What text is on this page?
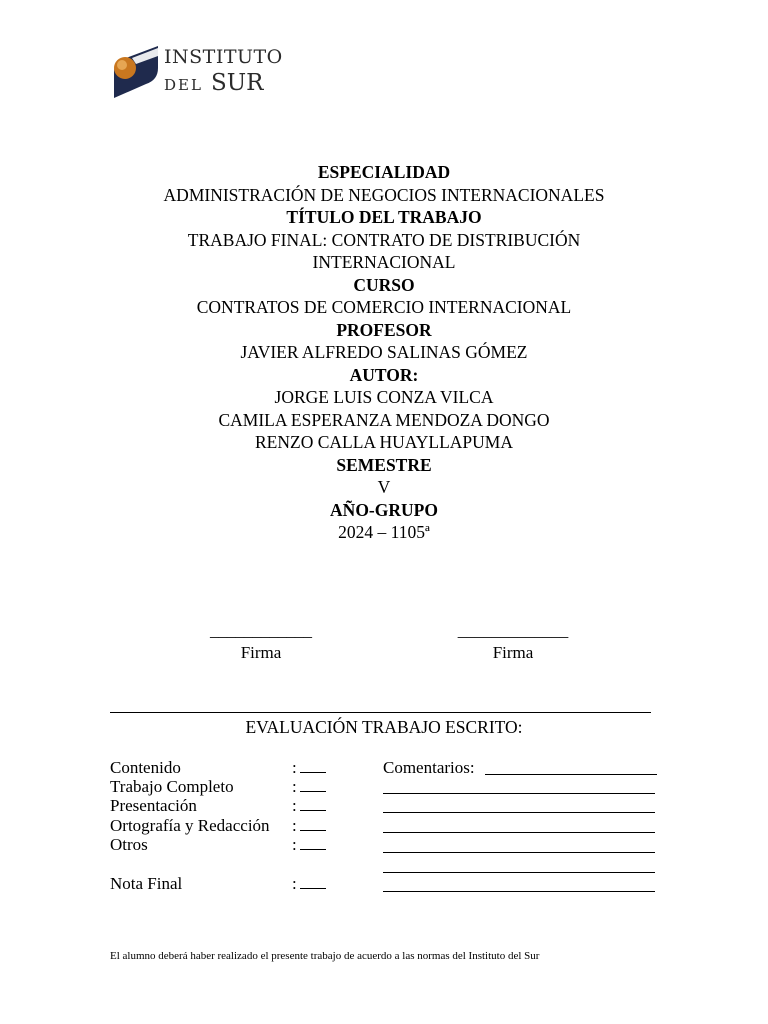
INSTITUTO
DEL SUR
ESPECIALIDAD
ADMINISTRACIÓN DE NEGOCIOS INTERNACIONALES
TÍTULO DEL TRABAJO
TRABAJO FINAL: CONTRATO DE DISTRIBUCIÓN
INTERNACIONAL
CURSO
CONTRATOS DE COMERCIO INTERNACIONAL
PROFESOR
JAVIER ALFREDO SALINAS GÓMEZ
AUTOR:
JORGE LUIS CONZA VILCA
CAMILA ESPERANZA MENDOZA DONGO
RENZO CALLA HUAYLLAPUMA
SEMESTRE
V
AÑO-GRUPO
2024 – 1105ª
____________
Firma
_____________
Firma
EVALUACIÓN TRABAJO ESCRITO:
Contenido
Trabajo Completo
Presentación
Ortografía y Redacción
Otros
Nota Final
:
:
:
:
:
:
Comentarios:
El alumno deberá haber realizado el presente trabajo de acuerdo a las normas del Instituto del Sur
